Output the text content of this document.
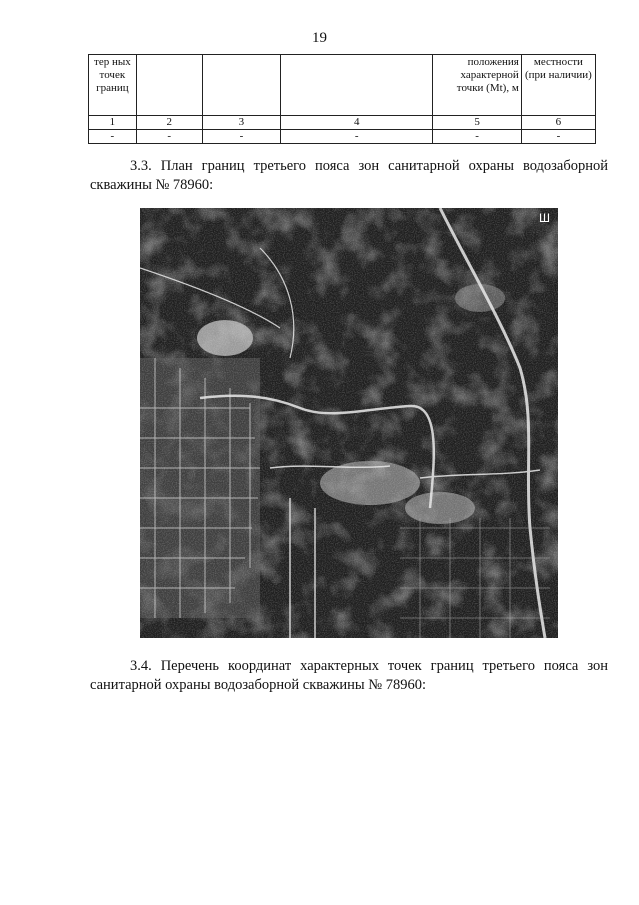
19
тер ных точек границ				положения характерной точки (Mt), м	местности (при наличии)
1	2	3	4	5	6
-	-	-	-	-	-
3.3. План границ третьего пояса зон санитарной охраны водозаборной скважины № 78960:
Ш
3.4. Перечень координат характерных точек границ третьего пояса зон санитарной охраны водозаборной скважины № 78960:
